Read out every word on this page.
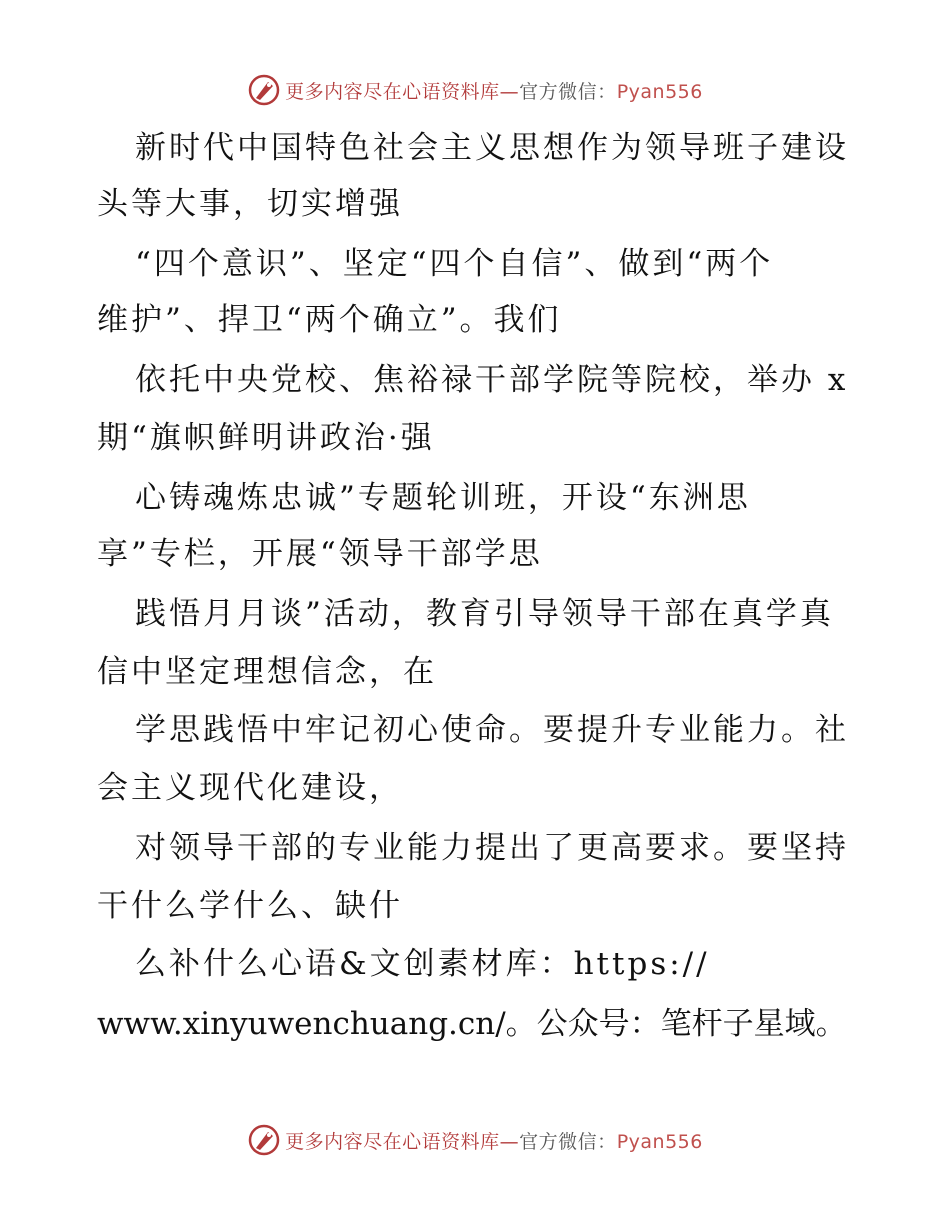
更多内容尽在心语资料库—官方微信：Pyan556
新时代中国特色社会主义思想作为领导班子建设
头等大事，切实增强
“四个意识”、坚定“四个自信”、做到“两个
维护”、捍卫“两个确立”。我们
依托中央党校、焦裕禄干部学院等院校，举办 x
期“旗帜鲜明讲政治·强
心铸魂炼忠诚”专题轮训班，开设“东洲思
享”专栏，开展“领导干部学思
践悟月月谈”活动，教育引导领导干部在真学真
信中坚定理想信念，在
学思践悟中牢记初心使命。要提升专业能力。社
会主义现代化建设，
对领导干部的专业能力提出了更高要求。要坚持
干什么学什么、缺什
么补什么心语&文创素材库：https://
www.xinyuwenchuang.cn/。公众号：笔杆子星域。
更多内容尽在心语资料库—官方微信：Pyan556
